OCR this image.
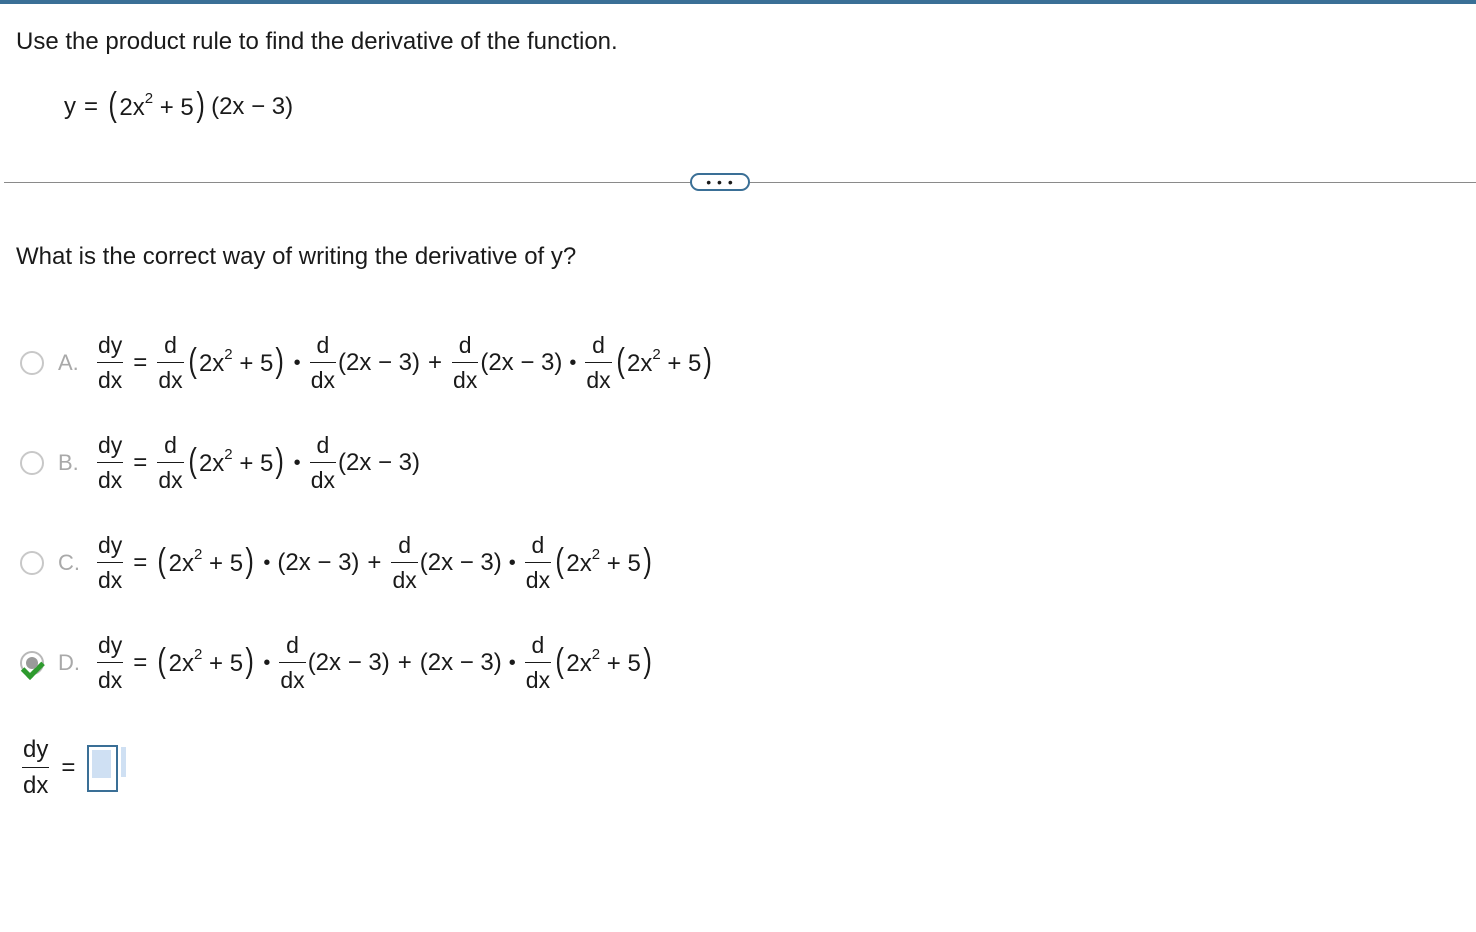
Use the product rule to find the derivative of the function.
y = ( $2x^2 + 5$ ) (2x − 3)
• • •
What is the correct way of writing the derivative of y?
A. $\frac{dy}{dx} = \frac{d}{dx}$ ( $2x^2 + 5$ ) • $\frac{d}{dx} (2x - 3) + \frac{d}{dx} (2x - 3)$ • $\frac{d}{dx}$ ( $2x^2 + 5$ )
B. $\frac{dy}{dx} = \frac{d}{dx}$ ( $2x^2 + 5$ ) • $\frac{d}{dx} (2x - 3)$
C. $\frac{dy}{dx}$ = ( $2x^2 + 5$ ) • $(2x - 3) + \frac{d}{dx} (2x - 3)$ • $\frac{d}{dx}$ ( $2x^2 + 5$ )
D. $\frac{dy}{dx}$ = ( $2x^2 + 5$ ) • $\frac{d}{dx} (2x - 3) + (2x - 3)$ • $\frac{d}{dx}$ ( $2x^2 + 5$ )
$\frac{dy}{dx}$ =
